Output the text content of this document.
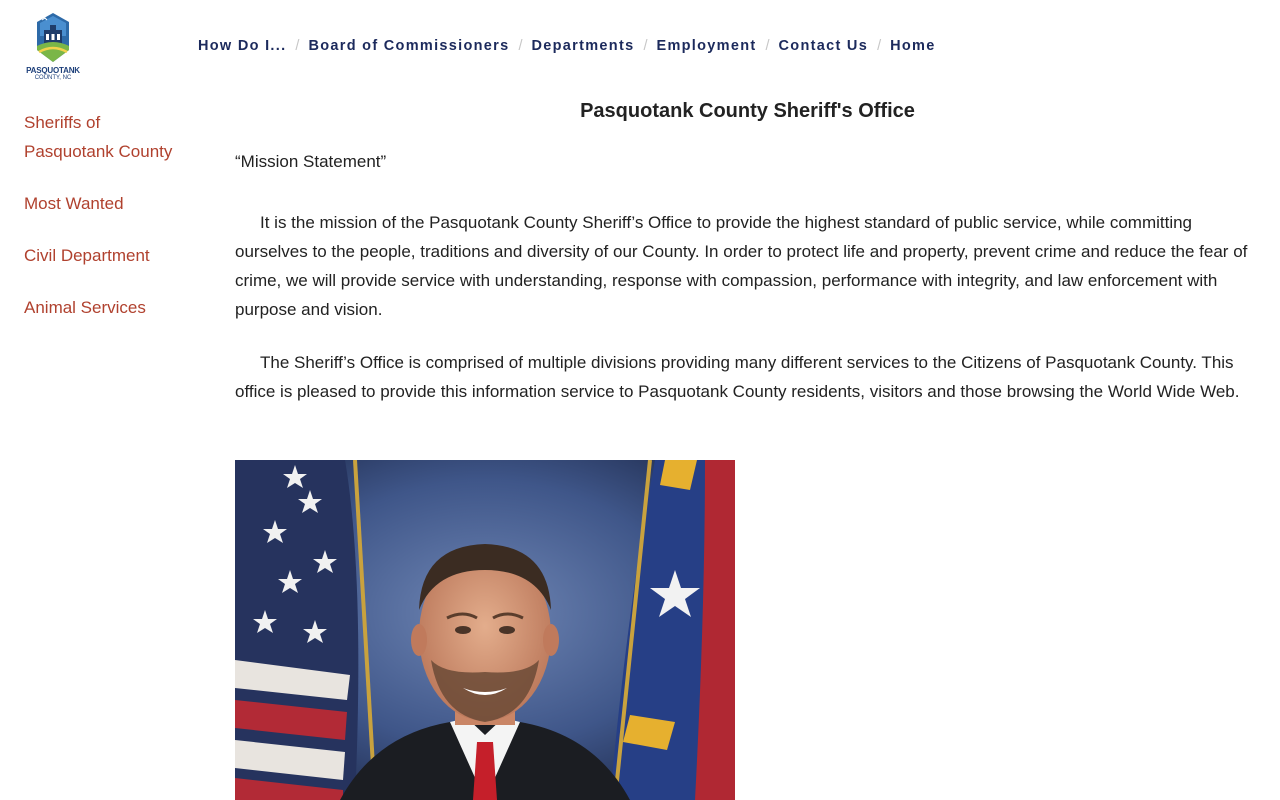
PASQUOTANK
COUNTY, NC
How Do I... / Board of Commissioners / Departments / Employment / Contact Us / Home
Sheriffs of Pasquotank County
Most Wanted
Civil Department
Animal Services
Pasquotank County Sheriff's Office

“Mission Statement”

It is the mission of the Pasquotank County Sheriff’s Office to provide the highest standard of public service, while committing ourselves to the people, traditions and diversity of our County. In order to protect life and property, prevent crime and reduce the fear of crime, we will provide service with understanding, response with compassion, performance with integrity, and law enforcement with purpose and vision.

The Sheriff’s Office is comprised of multiple divisions providing many different services to the Citizens of Pasquotank County. This office is pleased to provide this information service to Pasquotank County residents, visitors and those browsing the World Wide Web.
